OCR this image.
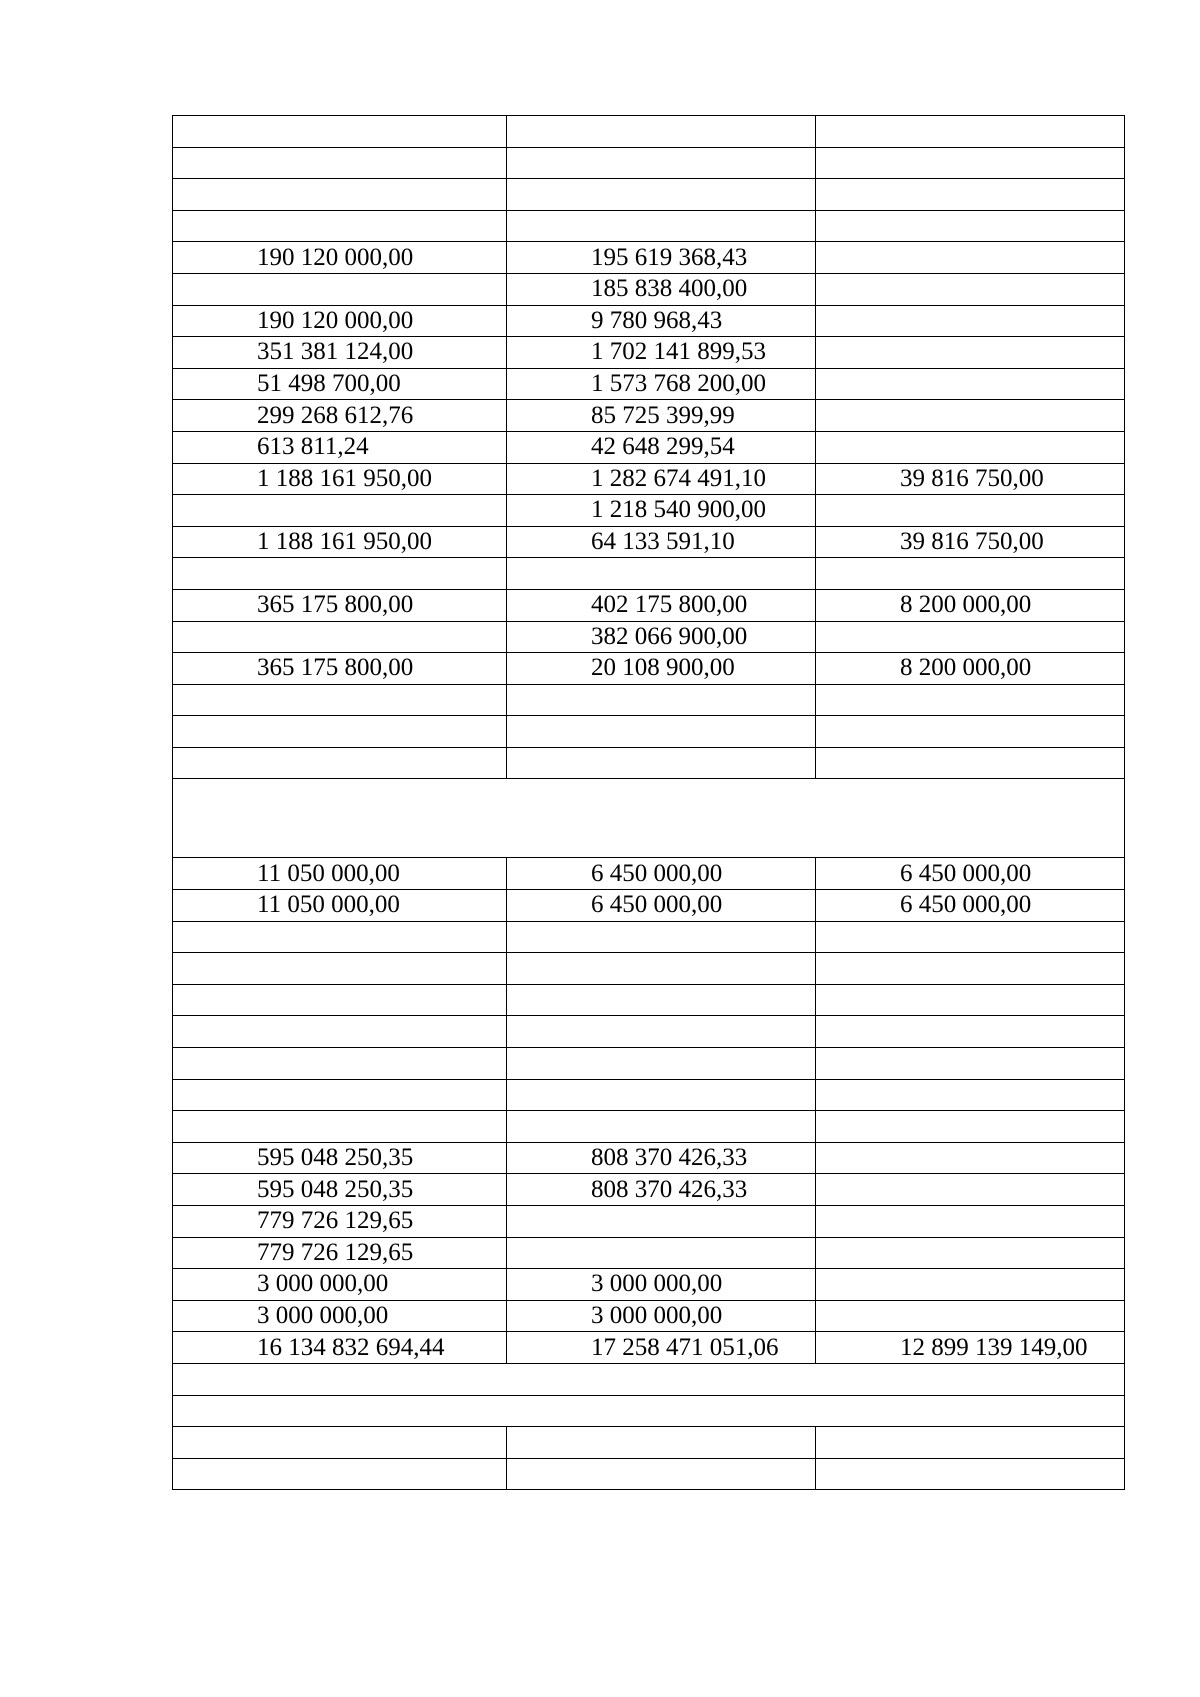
190 120 000,00	195 619 368,43	
	185 838 400,00	
190 120 000,00	9 780 968,43	
351 381 124,00	1 702 141 899,53	
51 498 700,00	1 573 768 200,00	
299 268 612,76	85 725 399,99	
613 811,24	42 648 299,54	
1 188 161 950,00	1 282 674 491,10	39 816 750,00
	1 218 540 900,00	
1 188 161 950,00	64 133 591,10	39 816 750,00

365 175 800,00	402 175 800,00	8 200 000,00
	382 066 900,00	
365 175 800,00	20 108 900,00	8 200 000,00

11 050 000,00	6 450 000,00	6 450 000,00
11 050 000,00	6 450 000,00	6 450 000,00

595 048 250,35	808 370 426,33	
595 048 250,35	808 370 426,33	
779 726 129,65		
779 726 129,65		
3 000 000,00	3 000 000,00	
3 000 000,00	3 000 000,00	
16 134 832 694,44	17 258 471 051,06	12 899 139 149,00
